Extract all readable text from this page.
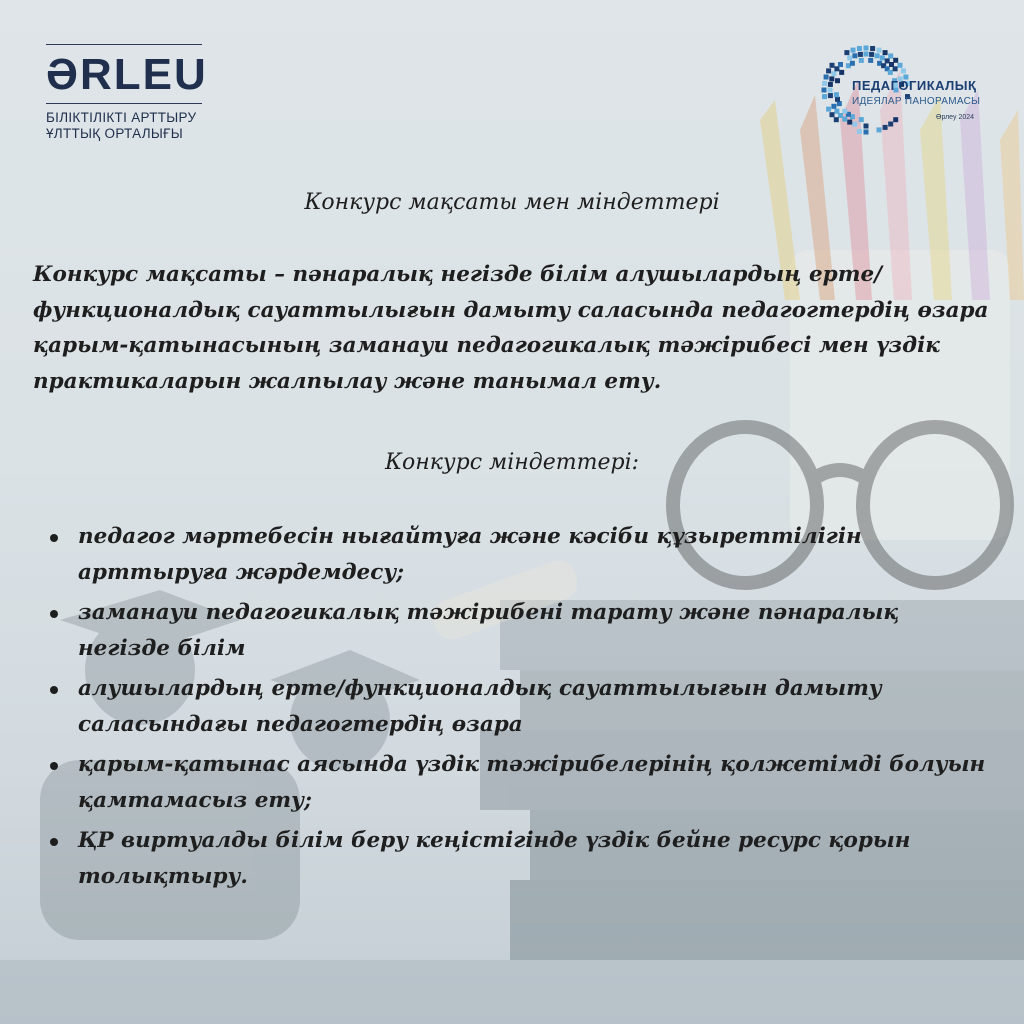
ƏRLEU
БІЛІКТІЛІКТІ АРТТЫРУ
ҰЛТТЫҚ ОРТАЛЫҒЫ
ПЕДАГОГИКАЛЫҚ
ИДЕЯЛАР ПАНОРАМАСЫ
Өрлеу 2024
Конкурс мақсаты мен міндеттері
Конкурс мақсаты – пәнаралық негізде білім алушылардың ерте/ функционалдық сауаттылығын дамыту саласында педагогтердің өзара қарым-қатынасының заманауи педагогикалық тәжірибесі мен үздік практикаларын жалпылау және танымал ету.
Конкурс міндеттері:
педагог мәртебесін нығайтуға және кәсіби құзыреттілігін арттыруға жәрдемдесу;
заманауи педагогикалық тәжірибені тарату және пәнаралық негізде білім
алушылардың ерте/функционалдық сауаттылығын дамыту саласындағы педагогтердің өзара
қарым-қатынас аясында үздік тәжірибелерінің қолжетімді болуын қамтамасыз ету;
ҚР виртуалды білім беру кеңістігінде үздік бейне ресурс қорын толықтыру.
